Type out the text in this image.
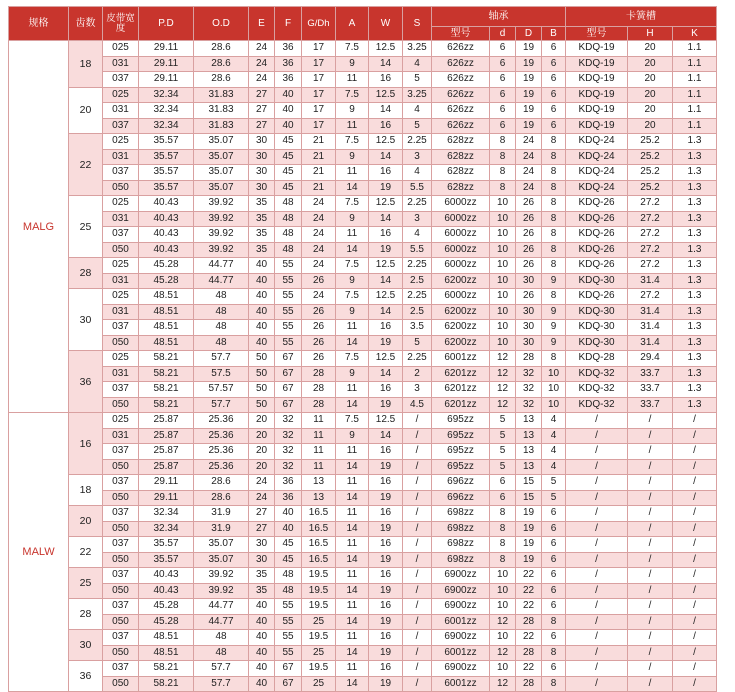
规格	齿数	皮带宽度	P.D	O.D	E	F	G/Dh	A	W	S	轴承				卡簧槽		
											型号	d	D	B	型号	H	K
MALG	18	025	29.11	28.6	24	36	17	7.5	12.5	3.25	626zz	6	19	6	KDQ-19	20	1.1
		031	29.11	28.6	24	36	17	9	14	4	626zz	6	19	6	KDQ-19	20	1.1
		037	29.11	28.6	24	36	17	11	16	5	626zz	6	19	6	KDQ-19	20	1.1
	20	025	32.34	31.83	27	40	17	7.5	12.5	3.25	626zz	6	19	6	KDQ-19	20	1.1
		031	32.34	31.83	27	40	17	9	14	4	626zz	6	19	6	KDQ-19	20	1.1
		037	32.34	31.83	27	40	17	11	16	5	626zz	6	19	6	KDQ-19	20	1.1
	22	025	35.57	35.07	30	45	21	7.5	12.5	2.25	628zz	8	24	8	KDQ-24	25.2	1.3
		031	35.57	35.07	30	45	21	9	14	3	628zz	8	24	8	KDQ-24	25.2	1.3
		037	35.57	35.07	30	45	21	11	16	4	628zz	8	24	8	KDQ-24	25.2	1.3
		050	35.57	35.07	30	45	21	14	19	5.5	628zz	8	24	8	KDQ-24	25.2	1.3
	25	025	40.43	39.92	35	48	24	7.5	12.5	2.25	6000zz	10	26	8	KDQ-26	27.2	1.3
		031	40.43	39.92	35	48	24	9	14	3	6000zz	10	26	8	KDQ-26	27.2	1.3
		037	40.43	39.92	35	48	24	11	16	4	6000zz	10	26	8	KDQ-26	27.2	1.3
		050	40.43	39.92	35	48	24	14	19	5.5	6000zz	10	26	8	KDQ-26	27.2	1.3
	28	025	45.28	44.77	40	55	24	7.5	12.5	2.25	6000zz	10	26	8	KDQ-26	27.2	1.3
		031	45.28	44.77	40	55	26	9	14	2.5	6200zz	10	30	9	KDQ-30	31.4	1.3
	30	025	48.51	48	40	55	24	7.5	12.5	2.25	6000zz	10	26	8	KDQ-26	27.2	1.3
		031	48.51	48	40	55	26	9	14	2.5	6200zz	10	30	9	KDQ-30	31.4	1.3
		037	48.51	48	40	55	26	11	16	3.5	6200zz	10	30	9	KDQ-30	31.4	1.3
		050	48.51	48	40	55	26	14	19	5	6200zz	10	30	9	KDQ-30	31.4	1.3
	36	025	58.21	57.7	50	67	26	7.5	12.5	2.25	6001zz	12	28	8	KDQ-28	29.4	1.3
		031	58.21	57.5	50	67	28	9	14	2	6201zz	12	32	10	KDQ-32	33.7	1.3
		037	58.21	57.57	50	67	28	11	16	3	6201zz	12	32	10	KDQ-32	33.7	1.3
		050	58.21	57.7	50	67	28	14	19	4.5	6201zz	12	32	10	KDQ-32	33.7	1.3
MALW	16	025	25.87	25.36	20	32	11	7.5	12.5	/	695zz	5	13	4	/	/	/
		031	25.87	25.36	20	32	11	9	14	/	695zz	5	13	4	/	/	/
		037	25.87	25.36	20	32	11	11	16	/	695zz	5	13	4	/	/	/
		050	25.87	25.36	20	32	11	14	19	/	695zz	5	13	4	/	/	/
	18	037	29.11	28.6	24	36	13	11	16	/	696zz	6	15	5	/	/	/
		050	29.11	28.6	24	36	13	14	19	/	696zz	6	15	5	/	/	/
	20	037	32.34	31.9	27	40	16.5	11	16	/	698zz	8	19	6	/	/	/
		050	32.34	31.9	27	40	16.5	14	19	/	698zz	8	19	6	/	/	/
	22	037	35.57	35.07	30	45	16.5	11	16	/	698zz	8	19	6	/	/	/
		050	35.57	35.07	30	45	16.5	14	19	/	698zz	8	19	6	/	/	/
	25	037	40.43	39.92	35	48	19.5	11	16	/	6900zz	10	22	6	/	/	/
		050	40.43	39.92	35	48	19.5	14	19	/	6900zz	10	22	6	/	/	/
	28	037	45.28	44.77	40	55	19.5	11	16	/	6900zz	10	22	6	/	/	/
		050	45.28	44.77	40	55	25	14	19	/	6001zz	12	28	8	/	/	/
	30	037	48.51	48	40	55	19.5	11	16	/	6900zz	10	22	6	/	/	/
		050	48.51	48	40	55	25	14	19	/	6001zz	12	28	8	/	/	/
	36	037	58.21	57.7	40	67	19.5	11	16	/	6900zz	10	22	6	/	/	/
		050	58.21	57.7	40	67	25	14	19	/	6001zz	12	28	8	/	/	/
